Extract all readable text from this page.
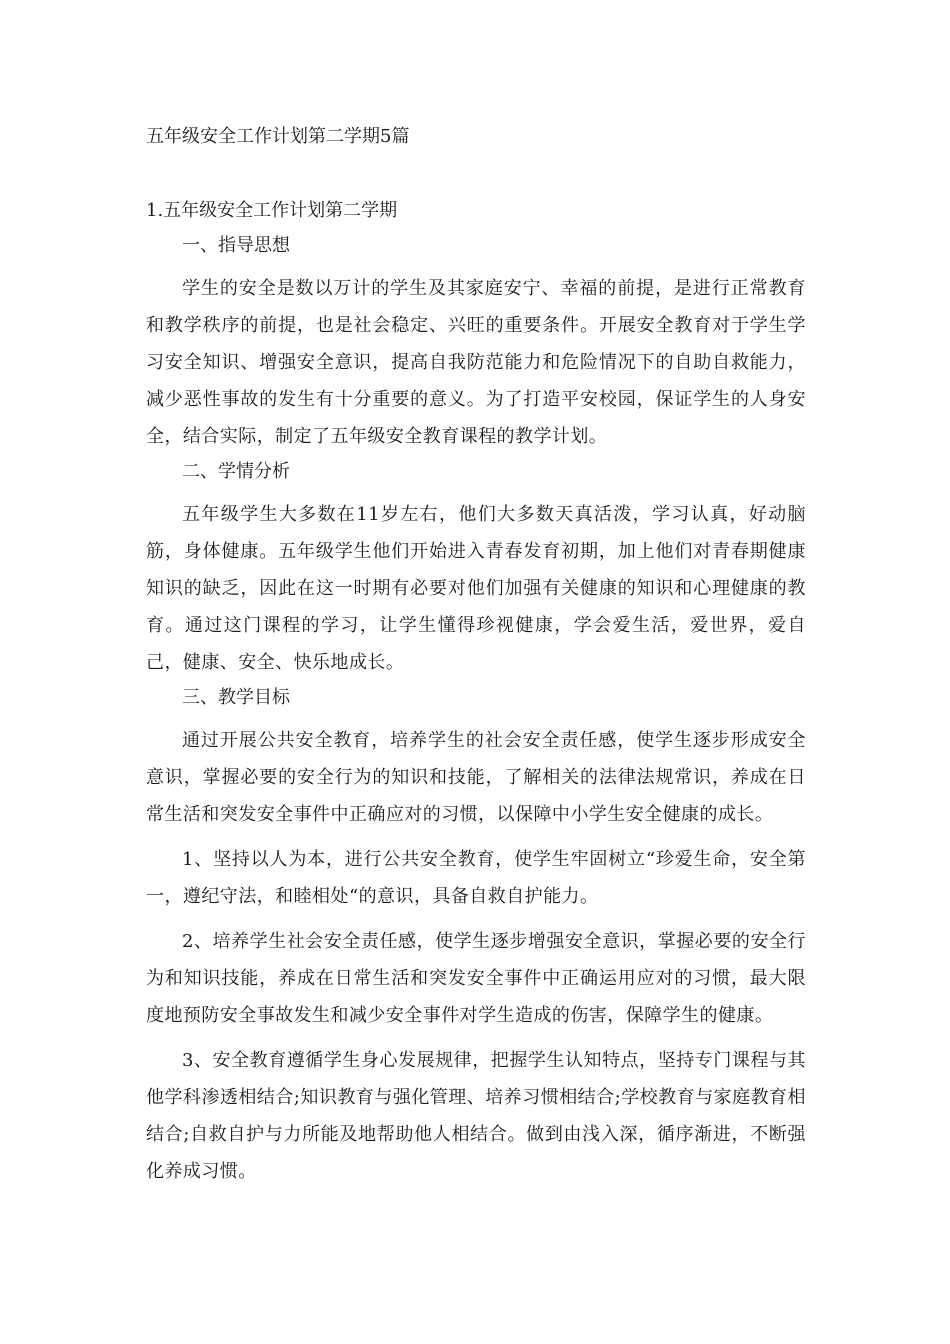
五年级安全工作计划第二学期5篇

1.五年级安全工作计划第二学期

一、指导思想

学生的安全是数以万计的学生及其家庭安宁、幸福的前提，是进行正常教育和教学秩序的前提，也是社会稳定、兴旺的重要条件。开展安全教育对于学生学习安全知识、增强安全意识，提高自我防范能力和危险情况下的自助自救能力，减少恶性事故的发生有十分重要的意义。为了打造平安校园，保证学生的人身安全，结合实际，制定了五年级安全教育课程的教学计划。

二、学情分析

五年级学生大多数在11岁左右，他们大多数天真活泼，学习认真，好动脑筋，身体健康。五年级学生他们开始进入青春发育初期，加上他们对青春期健康知识的缺乏，因此在这一时期有必要对他们加强有关健康的知识和心理健康的教育。通过这门课程的学习，让学生懂得珍视健康，学会爱生活，爱世界，爱自己，健康、安全、快乐地成长。

三、教学目标

通过开展公共安全教育，培养学生的社会安全责任感，使学生逐步形成安全意识，掌握必要的安全行为的知识和技能，了解相关的法律法规常识，养成在日常生活和突发安全事件中正确应对的习惯，以保障中小学生安全健康的成长。

1、坚持以人为本，进行公共安全教育，使学生牢固树立“珍爱生命，安全第一，遵纪守法，和睦相处“的意识，具备自救自护能力。

2、培养学生社会安全责任感，使学生逐步增强安全意识，掌握必要的安全行为和知识技能，养成在日常生活和突发安全事件中正确运用应对的习惯，最大限度地预防安全事故发生和减少安全事件对学生造成的伤害，保障学生的健康。

3、安全教育遵循学生身心发展规律，把握学生认知特点，坚持专门课程与其他学科渗透相结合;知识教育与强化管理、培养习惯相结合;学校教育与家庭教育相结合;自救自护与力所能及地帮助他人相结合。做到由浅入深，循序渐进，不断强化养成习惯。
